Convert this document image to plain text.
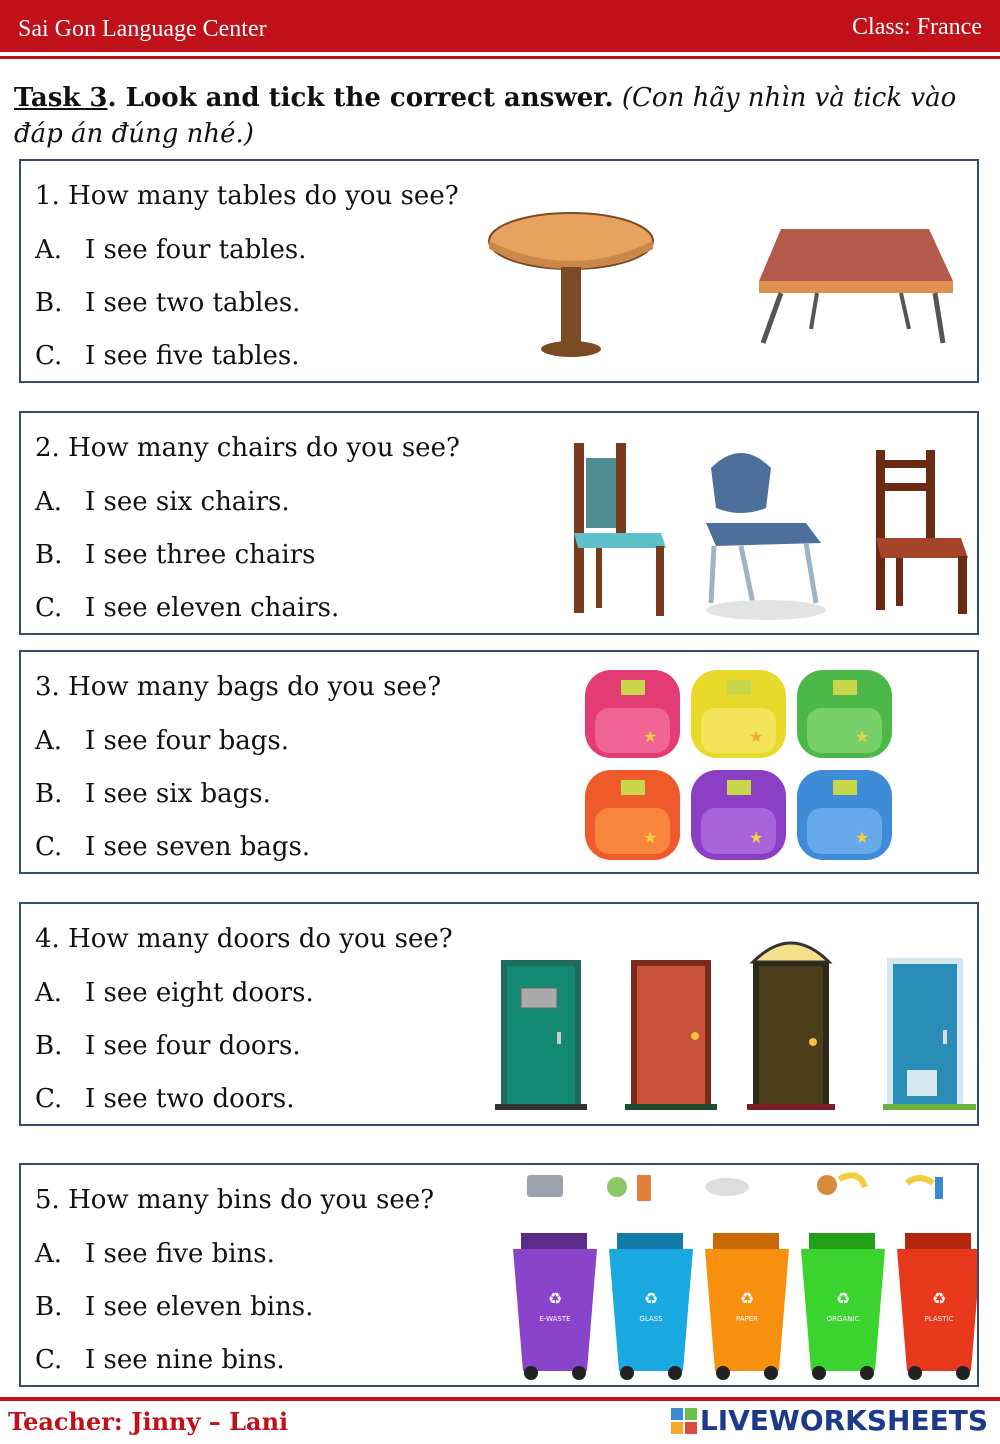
Sai Gon Language Center	Class: France
Task 3. Look and tick the correct answer. (Con hãy nhìn và tick vào đáp án đúng nhé.)
1. How many tables do you see?
A. I see four tables.
B. I see two tables.
C. I see five tables.
2. How many chairs do you see?
A. I see six chairs.
B. I see three chairs
C. I see eleven chairs.
3. How many bags do you see?
A. I see four bags.
B. I see six bags.
C. I see seven bags.
★	★	★
★	★	★
4. How many doors do you see?
A. I see eight doors.
B. I see four doors.
C. I see two doors.
5. How many bins do you see?
A. I see five bins.
B. I see eleven bins.
C. I see nine bins.
♻
E-WASTE
♻
GLASS
♻
PAPER
♻
ORGANIC
♻
PLASTIC
Teacher: Jinny – Lani	LIVEWORKSHEETS
